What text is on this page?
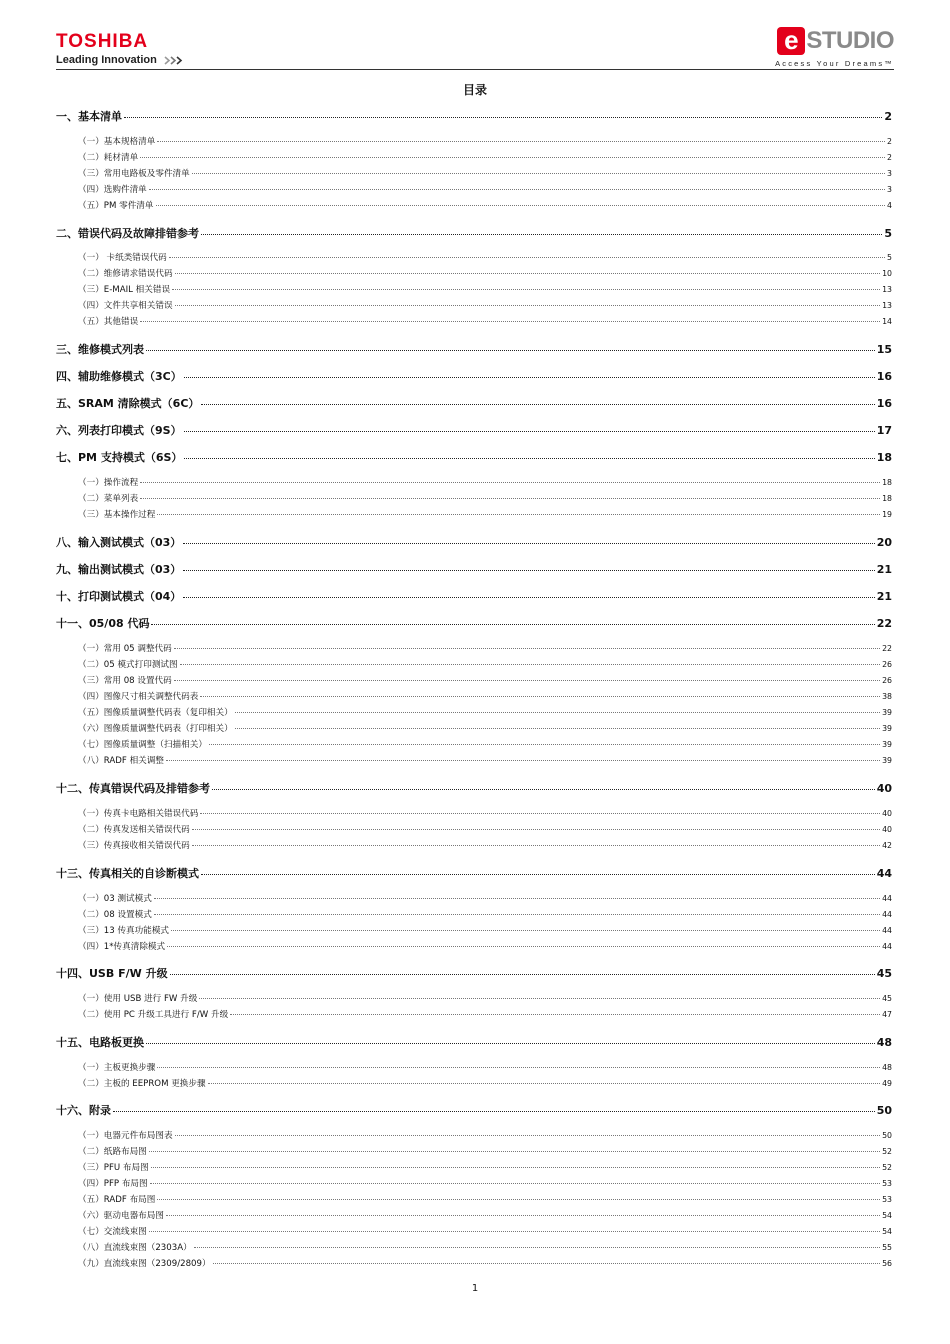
TOSHIBA
Leading Innovation
e STUDIO
Access Your Dreams™
目录
一、基本清单	2
（一）基本规格清单	2
（二）耗材清单	2
（三）常用电路板及零件清单	3
（四）选购件清单	3
（五）PM 零件清单	4
二、错误代码及故障排错参考	5
（一） 卡纸类错误代码	5
（二）维修请求错误代码	10
（三）E-MAIL 相关错误	13
（四）文件共享相关错误	13
（五）其他错误	14
三、维修模式列表	15
四、辅助维修模式（3C）	16
五、SRAM 清除模式（6C）	16
六、列表打印模式（9S）	17
七、PM 支持模式（6S）	18
（一）操作流程	18
（二）菜单列表	18
（三）基本操作过程	19
八、输入测试模式（03）	20
九、输出测试模式（03）	21
十、打印测试模式（04）	21
十一、05/08 代码	22
（一）常用 05 调整代码	22
（二）05 模式打印测试图	26
（三）常用 08 设置代码	26
（四）图像尺寸相关调整代码表	38
（五）图像质量调整代码表（复印相关）	39
（六）图像质量调整代码表（打印相关）	39
（七）图像质量调整（扫描相关）	39
（八）RADF 相关调整	39
十二、传真错误代码及排错参考	40
（一）传真卡电路相关错误代码	40
（二）传真发送相关错误代码	40
（三）传真接收相关错误代码	42
十三、传真相关的自诊断模式	44
（一）03 测试模式	44
（二）08 设置模式	44
（三）13 传真功能模式	44
（四）1*传真清除模式	44
十四、USB F/W 升级	45
（一）使用 USB 进行 FW 升级	45
（二）使用 PC 升级工具进行 F/W 升级	47
十五、电路板更换	48
（一）主板更换步骤	48
（二）主板的 EEPROM 更换步骤	49
十六、附录	50
（一）电器元件布局图表	50
（二）纸路布局图	52
（三）PFU 布局图	52
（四）PFP 布局图	53
（五）RADF 布局图	53
（六）驱动电器布局图	54
（七）交流线束图	54
（八）直流线束图（2303A）	55
（九）直流线束图（2309/2809）	56
1
